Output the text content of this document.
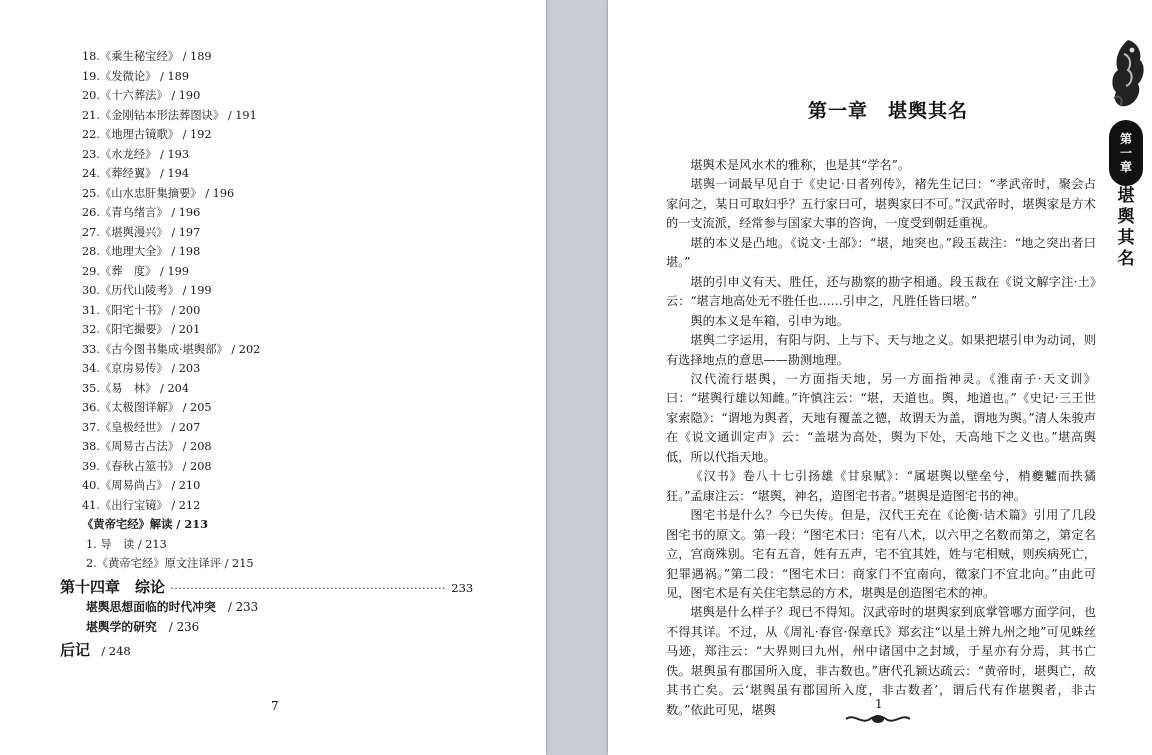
18.《乘生秘宝经》 / 189
19.《发微论》 / 189
20.《十六葬法》 / 190
21.《金刚钻本形法葬图诀》 / 191
22.《地理古镜歌》 / 192
23.《水龙经》 / 193
24.《葬经翼》 / 194
25.《山水忠肝集摘要》 / 196
26.《青乌绪言》 / 196
27.《堪舆漫兴》 / 197
28.《地理大全》 / 198
29.《葬　度》 / 199
30.《历代山陵考》 / 199
31.《阳宅十书》 / 200
32.《阳宅撮要》 / 201
33.《古今图书集成·堪舆部》 / 202
34.《京房易传》 / 203
35.《易　林》 / 204
36.《太极图详解》 / 205
37.《皇极经世》 / 207
38.《周易古占法》 / 208
39.《春秋占筮书》 / 208
40.《周易尚占》 / 210
41.《出行宝镜》 / 212
《黄帝宅经》解读 / 213
1. 导　读 / 213
2.《黄帝宅经》原文注译评 / 215
第十四章　综论 ····································································· 233
堪舆思想面临的时代冲突 / 233
堪舆学的研究 / 236
后记 / 248
7
第一章　堪舆其名
第
一
章
堪舆其名

堪舆术是风水术的雅称，也是其“学名”。

堪舆一词最早见自于《史记·日者列传》，褚先生记曰：“孝武帝时，聚会占家问之，某日可取妇乎？五行家曰可，堪舆家曰不可。”汉武帝时，堪舆家是方术的一支流派，经常参与国家大事的咨询，一度受到朝廷重视。

堪的本义是凸地。《说文·土部》：“堪，地突也。”段玉裁注：“地之突出者曰堪。”

堪的引申义有天、胜任，还与勘察的勘字相通。段玉裁在《说文解字注·土》云：“堪言地高处无不胜任也……引申之，凡胜任皆曰堪。”

舆的本义是车箱，引申为地。

堪舆二字运用，有阳与阴、上与下、天与地之义。如果把堪引申为动词，则有选择地点的意思——勘测地理。

汉代流行堪舆，一方面指天地，另一方面指神灵。《淮南子·天文训》曰：“堪舆行雄以知雌。”许慎注云：“堪，天道也。舆，地道也。”《史记·三王世家索隐》：“谓地为舆者，天地有覆盖之德，故谓天为盖，谓地为舆。”清人朱骏声在《说文通训定声》云：“盖堪为高处，舆为下处，天高地下之义也。”堪高舆低，所以代指天地。

《汉书》卷八十七引扬雄《甘泉赋》：“属堪舆以壁垒兮，梢夔魖而抶獝狂。”孟康注云：“堪舆，神名，造图宅书者。”堪舆是造图宅书的神。

图宅书是什么？今已失传。但是，汉代王充在《论衡·诘术篇》引用了几段图宅书的原文。第一段：“图宅术曰：宅有八术，以六甲之名数而第之，第定名立，宫商殊别。宅有五音，姓有五声，宅不宜其姓，姓与宅相贼，则疾病死亡，犯罪遇祸。”第二段：“图宅术曰：商家门不宜南向，徵家门不宜北向。”由此可见，图宅术是有关住宅禁忌的方术，堪舆是创造图宅术的神。

堪舆是什么样子？现已不得知。汉武帝时的堪舆家到底掌管哪方面学问，也不得其详。不过，从《周礼·春官·保章氏》郑玄注“以星土辨九州之地”可见蛛丝马迹，郑注云：“大界则曰九州，州中诸国中之封域，于星亦有分焉，其书亡佚。堪舆虽有郡国所入度，非古数也。”唐代孔颖达疏云：“黄帝时，堪舆亡，故其书亡矣。云‘堪舆虽有郡国所入度，非古数者’，谓后代有作堪舆者，非古数。”依此可见，堪舆	1
